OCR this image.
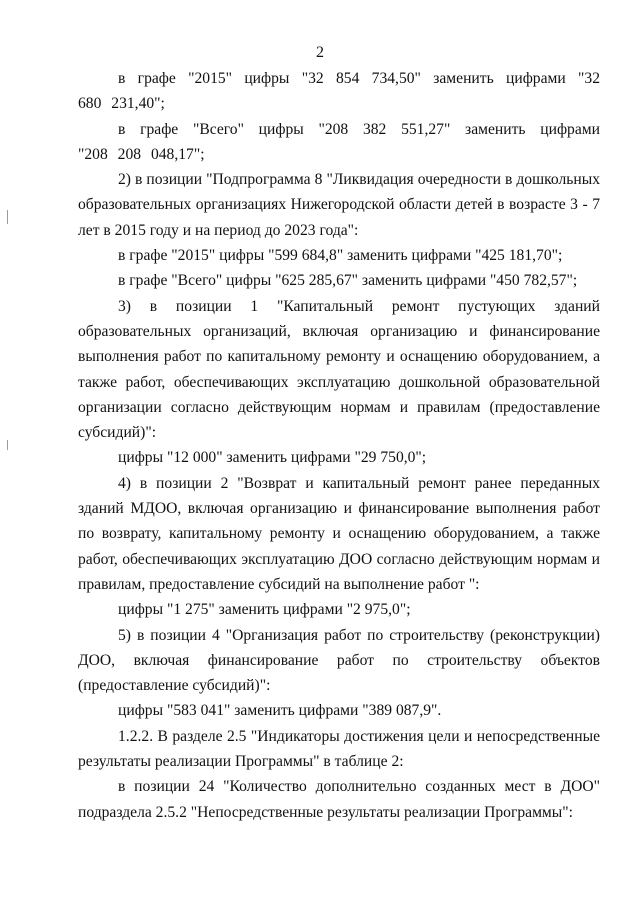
2

в графе "2015" цифры "32 854 734,50" заменить цифрами "32 680 231,40";

в графе "Всего" цифры "208 382 551,27" заменить цифрами "208 208 048,17";

2) в позиции "Подпрограмма 8 "Ликвидация очередности в дошкольных образовательных организациях Нижегородской области детей в возрасте 3 - 7 лет в 2015 году и на период до 2023 года":

в графе "2015" цифры "599 684,8" заменить цифрами "425 181,70";

в графе "Всего" цифры "625 285,67" заменить цифрами "450 782,57";

3) в позиции 1 "Капитальный ремонт пустующих зданий образовательных организаций, включая организацию и финансирование выполнения работ по капитальному ремонту и оснащению оборудованием, а также работ, обеспечивающих эксплуатацию дошкольной образовательной организации согласно действующим нормам и правилам (предоставление субсидий)":

цифры "12 000" заменить цифрами "29 750,0";

4) в позиции 2 "Возврат и капитальный ремонт ранее переданных зданий МДОО, включая организацию и финансирование выполнения работ по возврату, капитальному ремонту и оснащению оборудованием, а также работ, обеспечивающих эксплуатацию ДОО согласно действующим нормам и правилам, предоставление субсидий на выполнение работ ":

цифры "1 275" заменить цифрами "2 975,0";

5) в позиции 4 "Организация работ по строительству (реконструкции) ДОО, включая финансирование работ по строительству объектов (предоставление субсидий)":

цифры "583 041" заменить цифрами "389 087,9".

1.2.2. В разделе 2.5 "Индикаторы достижения цели и непосредственные результаты реализации Программы" в таблице 2:

в позиции 24 "Количество дополнительно созданных мест в ДОО" подраздела 2.5.2 "Непосредственные результаты реализации Программы":
